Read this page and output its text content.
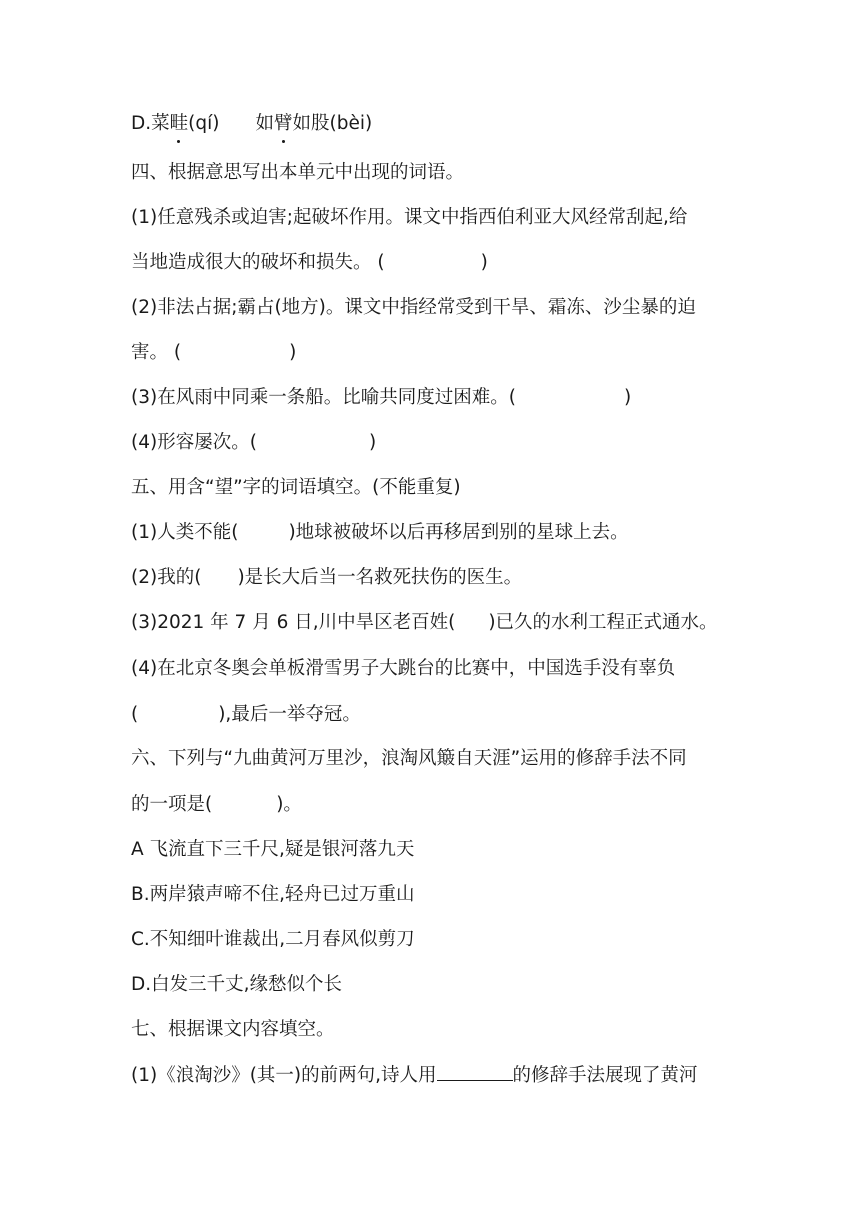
D.菜畦(qí) 如臂如股(bèi)
四、根据意思写出本单元中出现的词语。
(1)任意残杀或迫害;起破坏作用。课文中指西伯利亚大风经常刮起,给
当地造成很大的破坏和损失。 (	)
(2)非法占据;霸占(地方)。课文中指经常受到干旱、霜冻、沙尘暴的迫
害。 (	)
(3)在风雨中同乘一条船。比喻共同度过困难。(	)
(4)形容屡次。(	)
五、用含“望”字的词语填空。(不能重复)
(1)人类不能(	)地球被破坏以后再移居到别的星球上去。
(2)我的( )是长大后当一名救死扶伤的医生。
(3)2021 年 7 月 6 日,川中旱区老百姓( )已久的水利工程正式通水。
(4)在北京冬奥会单板滑雪男子大跳台的比赛中，中国选手没有辜负
(	),最后一举夺冠。
六、下列与“九曲黄河万里沙，浪淘风簸自天涯”运用的修辞手法不同
的一项是(	)。
A 飞流直下三千尺,疑是银河落九天
B.两岸猿声啼不住,轻舟已过万重山
C.不知细叶谁裁出,二月春风似剪刀
D.白发三千丈,缘愁似个长
七、根据课文内容填空。
(1)《浪淘沙》(其一)的前两句,诗人用	的修辞手法展现了黄河
